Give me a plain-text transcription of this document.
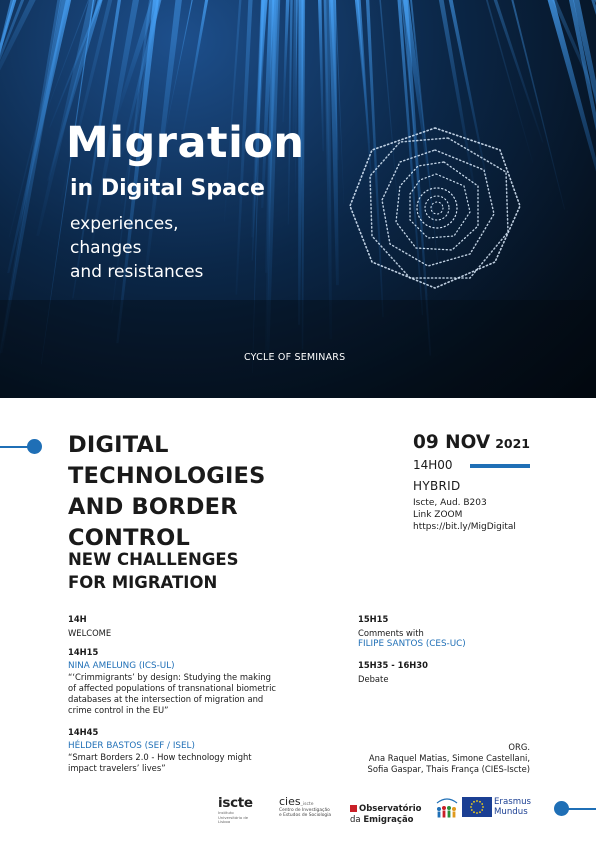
Migration
in Digital Space

experiences,
changes
and resistances

CYCLE OF SEMINARS
DIGITAL
TECHNOLOGIES
AND BORDER
CONTROL
NEW CHALLENGES
FOR MIGRATION
09 NOV 2021
14H00
HYBRID
Iscte, Aud. B203
Link ZOOM
https://bit.ly/MigDigital
14H
WELCOME
14H15
NINA AMELUNG (ICS-UL)
“‘Crimmigrants’ by design: Studying the making
of affected populations of transnational biometric
databases at the intersection of migration and
crime control in the EU”
14H45
HÉLDER BASTOS (SEF / ISEL)
“Smart Borders 2.0 - How technology might
impact travelers’ lives”
15H15
Comments with
FILIPE SANTOS (CES-UC)
15H35 - 16H30
Debate
ORG.
Ana Raquel Matias, Simone Castellani,
Sofia Gaspar, Thais França (CIES-Iscte)
iscte
Instituto Universitário de Lisboa
cies_iscte
Centro de Investigação
e Estudos de Sociologia
Observatório
da Emigração
Erasmus
Mundus
